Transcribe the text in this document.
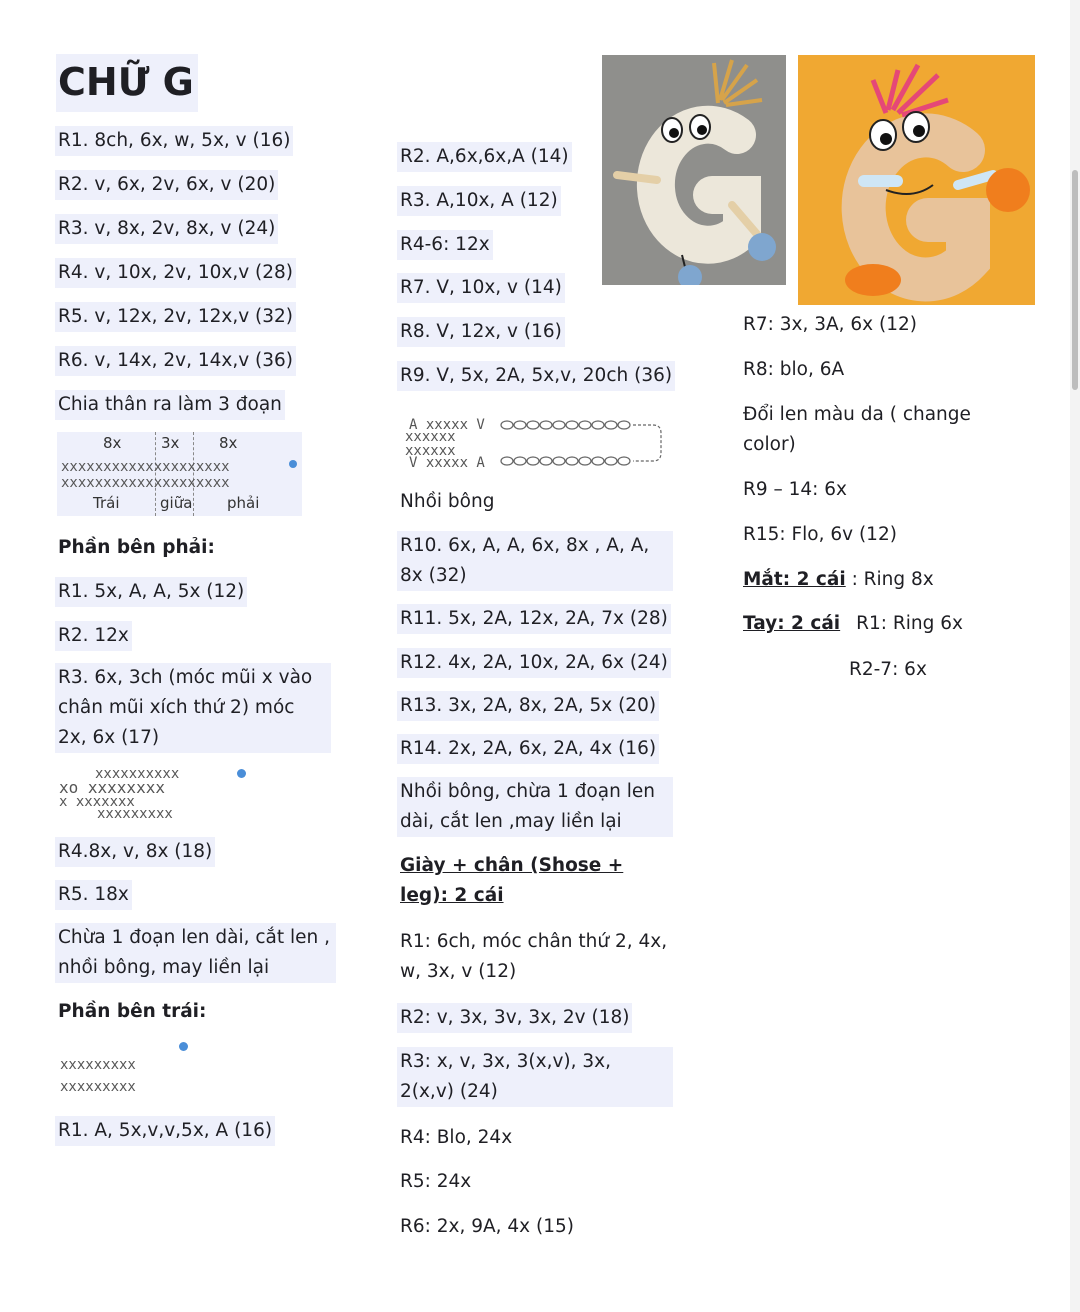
CHỮ G
R1. 8ch, 6x, w, 5x, v (16)
R2. v, 6x, 2v, 6x, v (20)
R3. v, 8x, 2v, 8x, v (24)
R4. v, 10x, 2v, 10x,v (28)
R5. v, 12x, 2v, 12x,v (32)
R6. v, 14x, 2v, 14x,v (36)
Chia thân ra làm 3 đoạn
8x	3x	8x
xxxxxxxxxxxxxxxxxxxx
xxxxxxxxxxxxxxxxxxxx
Trái	giữa phải
Phần bên phải:
R1. 5x, A, A, 5x (12)
R2. 12x
R3. 6x, 3ch (móc mũi x vào chân mũi xích thứ 2) móc 2x, 6x (17)
xxxxxxxxxx
xo xxxxxxxx
x xxxxxxx
xxxxxxxxx
R4.8x, v, 8x (18)
R5. 18x
Chừa 1 đoạn len dài, cắt len , nhồi bông, may liền lại
Phần bên trái:
xxxxxxxxx
xxxxxxxxx
R1. A, 5x,v,v,5x, A (16)
R2. A,6x,6x,A (14)
R3. A,10x, A (12)
R4-6: 12x
R7. V, 10x, v (14)
R8. V, 12x, v (16)
R9. V, 5x, 2A, 5x,v, 20ch (36)
A xxxxx V
xxxxxx
xxxxxx
V xxxxx A
Nhồi bông
R10. 6x, A, A, 6x, 8x , A, A, 8x (32)
R11. 5x, 2A, 12x, 2A, 7x (28)
R12. 4x, 2A, 10x, 2A, 6x (24)
R13. 3x, 2A, 8x, 2A, 5x (20)
R14. 2x, 2A, 6x, 2A, 4x (16)
Nhồi bông, chừa 1 đoạn len dài, cắt len ,may liền lại
Giày + chân (Shose + leg): 2 cái
R1: 6ch, móc chân thứ 2, 4x, w, 3x, v (12)
R2: v, 3x, 3v, 3x, 2v (18)
R3: x, v, 3x, 3(x,v), 3x, 2(x,v) (24)
R4: Blo, 24x
R5: 24x
R6: 2x, 9A, 4x (15)
R7: 3x, 3A, 6x (12)
R8: blo, 6A
Đổi len màu da ( change color)
R9 – 14: 6x
R15: Flo, 6v (12)
Mắt: 2 cái : Ring 8x
Tay: 2 cái R1: Ring 6x
R2-7: 6x
